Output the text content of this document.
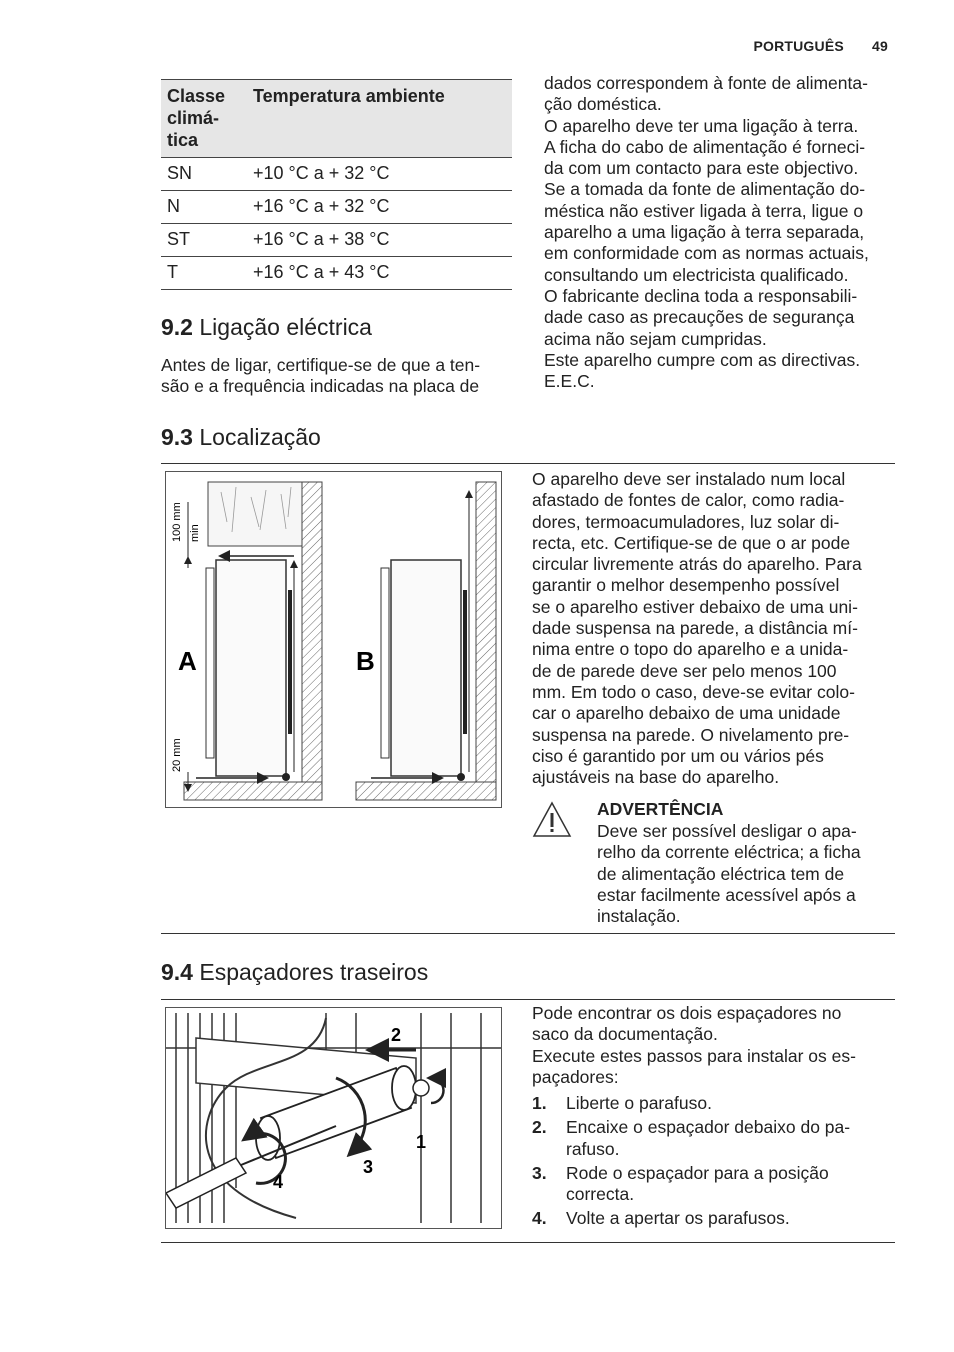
PORTUGUÊS 49
Classe climá-
tica	Temperatura ambiente
SN	+10 °C a + 32 °C
N	+16 °C a + 32 °C
ST	+16 °C a + 38 °C
T	+16 °C a + 43 °C
9.2 Ligação eléctrica
Antes de ligar, certifique-se de que a ten-
são e a frequência indicadas na placa de
dados correspondem à fonte de alimenta-
ção doméstica.
O aparelho deve ter uma ligação à terra.
A ficha do cabo de alimentação é forneci-
da com um contacto para este objectivo.
Se a tomada da fonte de alimentação do-
méstica não estiver ligada à terra, ligue o
aparelho a uma ligação à terra separada,
em conformidade com as normas actuais,
consultando um electricista qualificado.
O fabricante declina toda a responsabili-
dade caso as precauções de segurança
acima não sejam cumpridas.
Este aparelho cumpre com as directivas.
E.E.C.
9.3 Localização
100 mm min
20 mm
A	B
O aparelho deve ser instalado num local
afastado de fontes de calor, como radia-
dores, termoacumuladores, luz solar di-
recta, etc. Certifique-se de que o ar pode
circular livremente atrás do aparelho. Para
garantir o melhor desempenho possível
se o aparelho estiver debaixo de uma uni-
dade suspensa na parede, a distância mí-
nima entre o topo do aparelho e a unida-
de de parede deve ser pelo menos 100
mm. Em todo o caso, deve-se evitar colo-
car o aparelho debaixo de uma unidade
suspensa na parede. O nivelamento pre-
ciso é garantido por um ou vários pés
ajustáveis na base do aparelho.
ADVERTÊNCIA
Deve ser possível desligar o apa-
relho da corrente eléctrica; a ficha
de alimentação eléctrica tem de
estar facilmente acessível após a
instalação.
9.4 Espaçadores traseiros
1
2
3
4
Pode encontrar os dois espaçadores no
saco da documentação.
Execute estes passos para instalar os es-
paçadores:
1. Liberte o parafuso.
2. Encaixe o espaçador debaixo do pa-
rafuso.
3. Rode o espaçador para a posição
correcta.
4. Volte a apertar os parafusos.
